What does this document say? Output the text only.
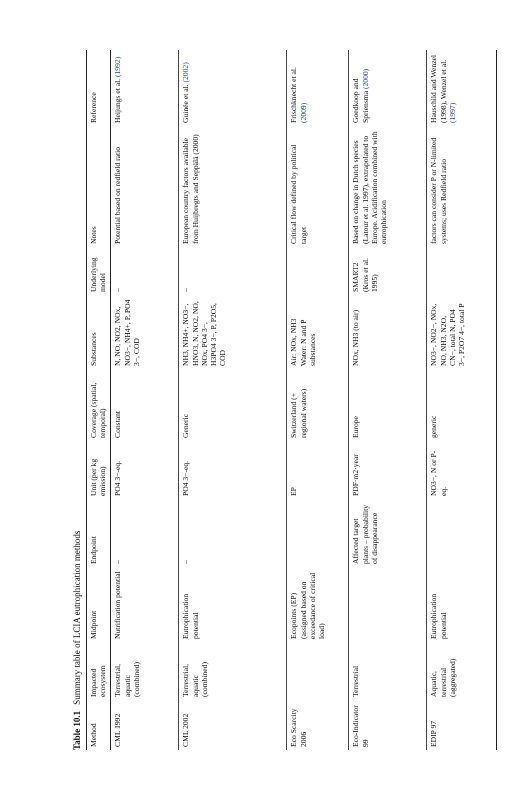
Table 10.1Summary table of LCIA eutrophication methods
Method	Impacted ecosystem	Midpoint	Endpoint	Unit (per kg emission)	Coverage (spatial, temporal)	Substances	Underlying model	Notes	Reference
CML 1992	Terrestrial, aquatic (combined)	Nutrification potential	–	PO4 3−-eq.	Constant	N, NO, NO2, NOx, NO3−, NH4+, P, PO4 3−, COD	–	Potential based on redfield ratio	Heijungs et al. (1992)
CML 2002	Terrestrial, aquatic (combined)	Eutrophication potential	–	PO4 3−-eq.	Generic	NH3, NH4+, NO3−, HNO3, N, NO2, NO, NOx, PO4 3−, H3PO4 3−, P, P2O5, COD	–	European country factors available from Huijbregts and Seppälä (2000)	Guinée et al. (2002)
Eco Scarcity 2006		Ecopoints (EP) (assigned based on exceedance of critical load)		EP	Switzerland (+ regional waters)	Air: NOx, NH3 Water: N and P substances		Critical flow defined by political target	Frischknecht et al. (2009)
Eco-Indicator 99	Terrestrial		Affected target plants – probability of disappearance	PDF·m2·year	Europe	NOx, NH3 (to air)	SMART2 (Kros et al. 1995)	Based on change in Dutch species (Latour et al. 1997), extrapolated to Europe. Acidification combined with eutrophication	Goedkoop and Spriensma (2000)
EDIP 97	Aquatic, terrestrial (aggregated)	Eutrophication potential		NO3−, N or P-eq.	generic	NO3−, NO2−, NOx, NO, NH3, N2O, CN−, total N, PO4 3−, P2O7 4−, total P		factors can consider P or N-limited systems; uses Redfield ratio	Hauschild and Wenzel (1998), Wenzel et al. (1997)
